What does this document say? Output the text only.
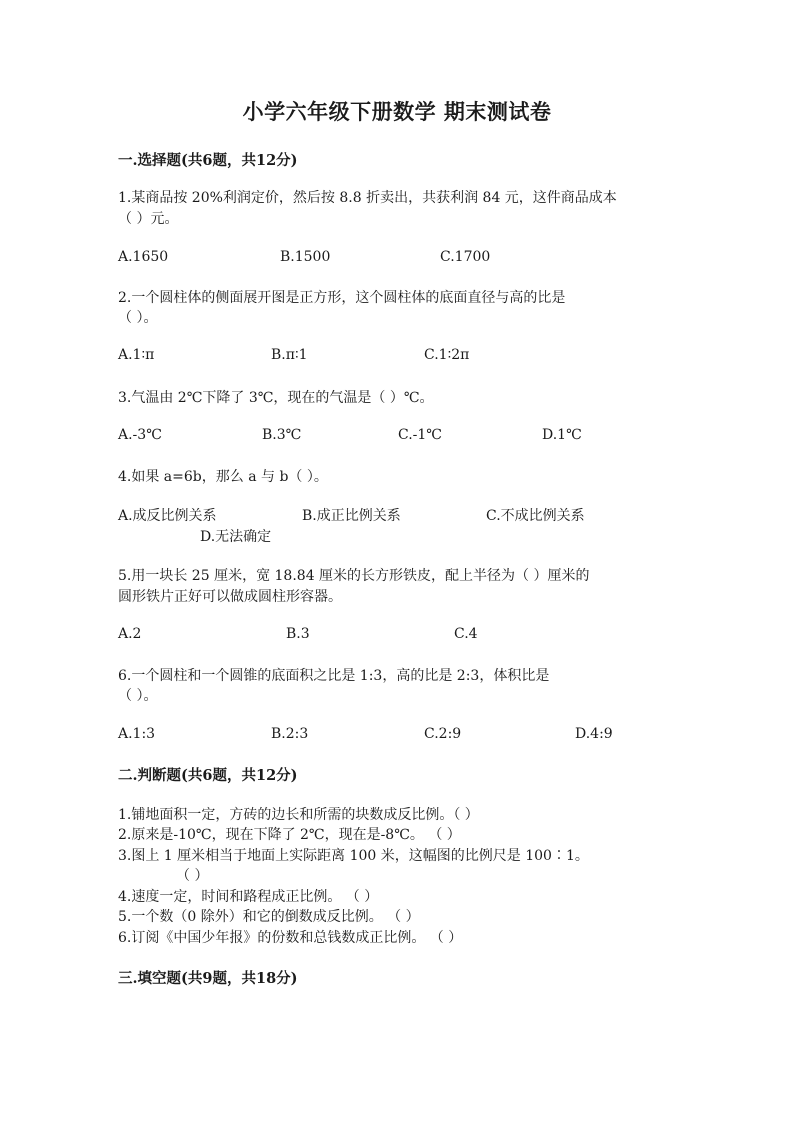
小学六年级下册数学 期末测试卷
一.选择题(共6题，共12分)
1.某商品按 20%利润定价，然后按 8.8 折卖出，共获利润 84 元，这件商品成本
（ ）元。
A.1650	B.1500	C.1700
2.一个圆柱体的侧面展开图是正方形，这个圆柱体的底面直径与高的比是
（ ）。
A.1∶π	B.π∶1	C.1∶2π
3.气温由 2℃下降了 3℃，现在的气温是（ ）℃。
A.-3℃	B.3℃	C.-1℃	D.1℃
4.如果 a=6b，那么 a 与 b（ ）。
A.成反比例关系	B.成正比例关系	C.不成比例关系
D.无法确定
5.用一块长 25 厘米，宽 18.84 厘米的长方形铁皮，配上半径为（ ）厘米的
圆形铁片正好可以做成圆柱形容器。
A.2	B.3	C.4
6.一个圆柱和一个圆锥的底面积之比是 1:3，高的比是 2:3，体积比是
（ ）。
A.1:3	B.2:3	C.2:9	D.4:9
二.判断题(共6题，共12分)
1.铺地面积一定，方砖的边长和所需的块数成反比例。（ ）
2.原来是-10℃，现在下降了 2℃，现在是-8℃。 （ ）
3.图上 1 厘米相当于地面上实际距离 100 米，这幅图的比例尺是 100∶1。
（ ）
4.速度一定，时间和路程成正比例。 （ ）
5.一个数（0 除外）和它的倒数成反比例。 （ ）
6.订阅《中国少年报》的份数和总钱数成正比例。 （ ）
三.填空题(共9题，共18分)
